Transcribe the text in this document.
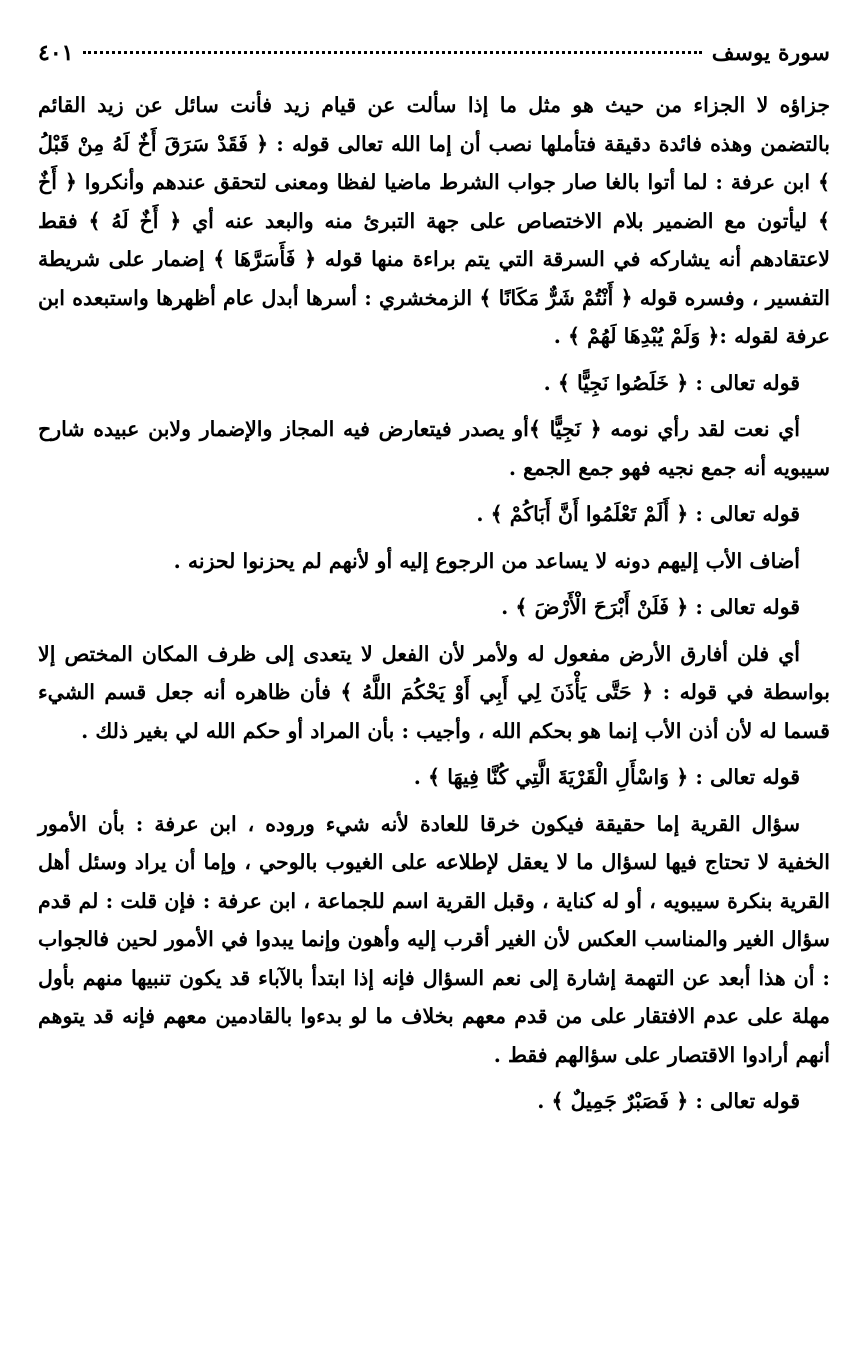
سورة يوسف
٤٠١

جزاؤه لا الجزاء من حيث هو مثل ما إذا سألت عن قيام زيد فأنت سائل عن زيد القائم بالتضمن وهذه فائدة دقيقة فتأملها نصب أن إما الله تعالى قوله : ﴿ فَقَدْ سَرَقَ أَخٌ لَهُ مِنْ قَبْلُ ﴾ ابن عرفة : لما أتوا بالغا صار جواب الشرط ماضيا لفظا ومعنى لتحقق عندهم وأنكروا ﴿ أَخٌ ﴾ ليأتون مع الضمير بلام الاختصاص على جهة التبرئ منه والبعد عنه أي ﴿ أَخٌ لَهُ ﴾ فقط لاعتقادهم أنه يشاركه في السرقة التي يتم براءة منها قوله ﴿ فَأَسَرَّهَا ﴾ إضمار على شريطة التفسير ، وفسره قوله ﴿ أَنْتُمْ شَرٌّ مَكَانًا ﴾ الزمخشري : أسرها أبدل عام أظهرها واستبعده ابن عرفة لقوله :﴿ وَلَمْ يُبْدِهَا لَهُمْ ﴾ .

قوله تعالى : ﴿ خَلَصُوا نَجِيًّا ﴾ .

أي نعت لقد رأي نومه ﴿ نَجِيًّا ﴾أو يصدر فيتعارض فيه المجاز والإضمار ولابن عبيده شارح سيبويه أنه جمع نجيه فهو جمع الجمع .

قوله تعالى : ﴿ أَلَمْ تَعْلَمُوا أَنَّ أَبَاكُمْ ﴾ .

أضاف الأب إليهم دونه لا يساعد من الرجوع إليه أو لأنهم لم يحزنوا لحزنه .

قوله تعالى : ﴿ فَلَنْ أَبْرَحَ الْأَرْضَ ﴾ .

أي فلن أفارق الأرض مفعول له ولأمر لأن الفعل لا يتعدى إلى ظرف المكان المختص إلا بواسطة في قوله : ﴿ حَتَّى يَأْذَنَ لِي أَبِي أَوْ يَحْكُمَ اللَّهُ ﴾ فأن ظاهره أنه جعل قسم الشيء قسما له لأن أذن الأب إنما هو بحكم الله ، وأجيب : بأن المراد أو حكم الله لي بغير ذلك .

قوله تعالى : ﴿ وَاسْأَلِ الْقَرْيَةَ الَّتِي كُنَّا فِيهَا ﴾ .

سؤال القرية إما حقيقة فيكون خرقا للعادة لأنه شيء وروده ، ابن عرفة : بأن الأمور الخفية لا تحتاج فيها لسؤال ما لا يعقل لإطلاعه على الغيوب بالوحي ، وإما أن يراد وسئل أهل القرية بنكرة سيبويه ، أو له كناية ، وقبل القرية اسم للجماعة ، ابن عرفة : فإن قلت : لم قدم سؤال الغير والمناسب العكس لأن الغير أقرب إليه وأهون وإنما يبدوا في الأمور لحين فالجواب : أن هذا أبعد عن التهمة إشارة إلى نعم السؤال فإنه إذا ابتدأ بالآباء قد يكون تنبيها منهم بأول مهلة على عدم الافتقار على من قدم معهم بخلاف ما لو بدءوا بالقادمين معهم فإنه قد يتوهم أنهم أرادوا الاقتصار على سؤالهم فقط .

قوله تعالى : ﴿ فَصَبْرٌ جَمِيلٌ ﴾ .
